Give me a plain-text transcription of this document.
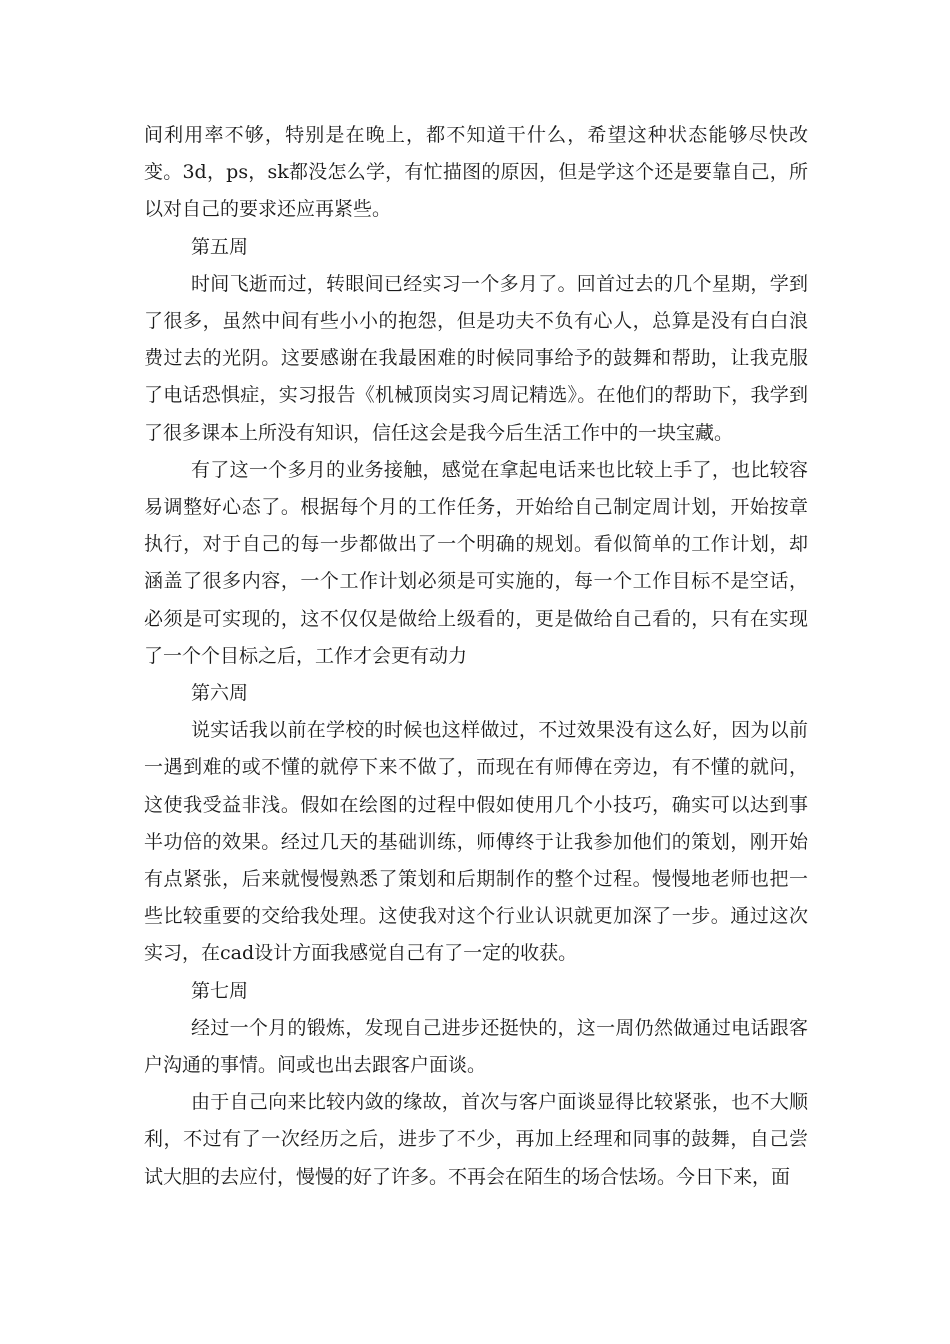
间利用率不够，特别是在晚上，都不知道干什么，希望这种状态能够尽快改变。3d，ps，sk都没怎么学，有忙描图的原因，但是学这个还是要靠自己，所以对自己的要求还应再紧些。

第五周

时间飞逝而过，转眼间已经实习一个多月了。回首过去的几个星期，学到了很多，虽然中间有些小小的抱怨，但是功夫不负有心人，总算是没有白白浪费过去的光阴。这要感谢在我最困难的时候同事给予的鼓舞和帮助，让我克服了电话恐惧症，实习报告《机械顶岗实习周记精选》。在他们的帮助下，我学到了很多课本上所没有知识，信任这会是我今后生活工作中的一块宝藏。

有了这一个多月的业务接触，感觉在拿起电话来也比较上手了，也比较容易调整好心态了。根据每个月的工作任务，开始给自己制定周计划，开始按章执行，对于自己的每一步都做出了一个明确的规划。看似简单的工作计划，却涵盖了很多内容，一个工作计划必须是可实施的，每一个工作目标不是空话，必须是可实现的，这不仅仅是做给上级看的，更是做给自己看的，只有在实现了一个个目标之后，工作才会更有动力

第六周

说实话我以前在学校的时候也这样做过，不过效果没有这么好，因为以前一遇到难的或不懂的就停下来不做了，而现在有师傅在旁边，有不懂的就问，这使我受益非浅。假如在绘图的过程中假如使用几个小技巧，确实可以达到事半功倍的效果。经过几天的基础训练，师傅终于让我参加他们的策划，刚开始有点紧张，后来就慢慢熟悉了策划和后期制作的整个过程。慢慢地老师也把一些比较重要的交给我处理。这使我对这个行业认识就更加深了一步。通过这次实习，在cad设计方面我感觉自己有了一定的收获。

第七周

经过一个月的锻炼，发现自己进步还挺快的，这一周仍然做通过电话跟客户沟通的事情。间或也出去跟客户面谈。

由于自己向来比较内敛的缘故，首次与客户面谈显得比较紧张，也不大顺利，不过有了一次经历之后，进步了不少，再加上经理和同事的鼓舞，自己尝试大胆的去应付，慢慢的好了许多。不再会在陌生的场合怯场。今日下来，面
